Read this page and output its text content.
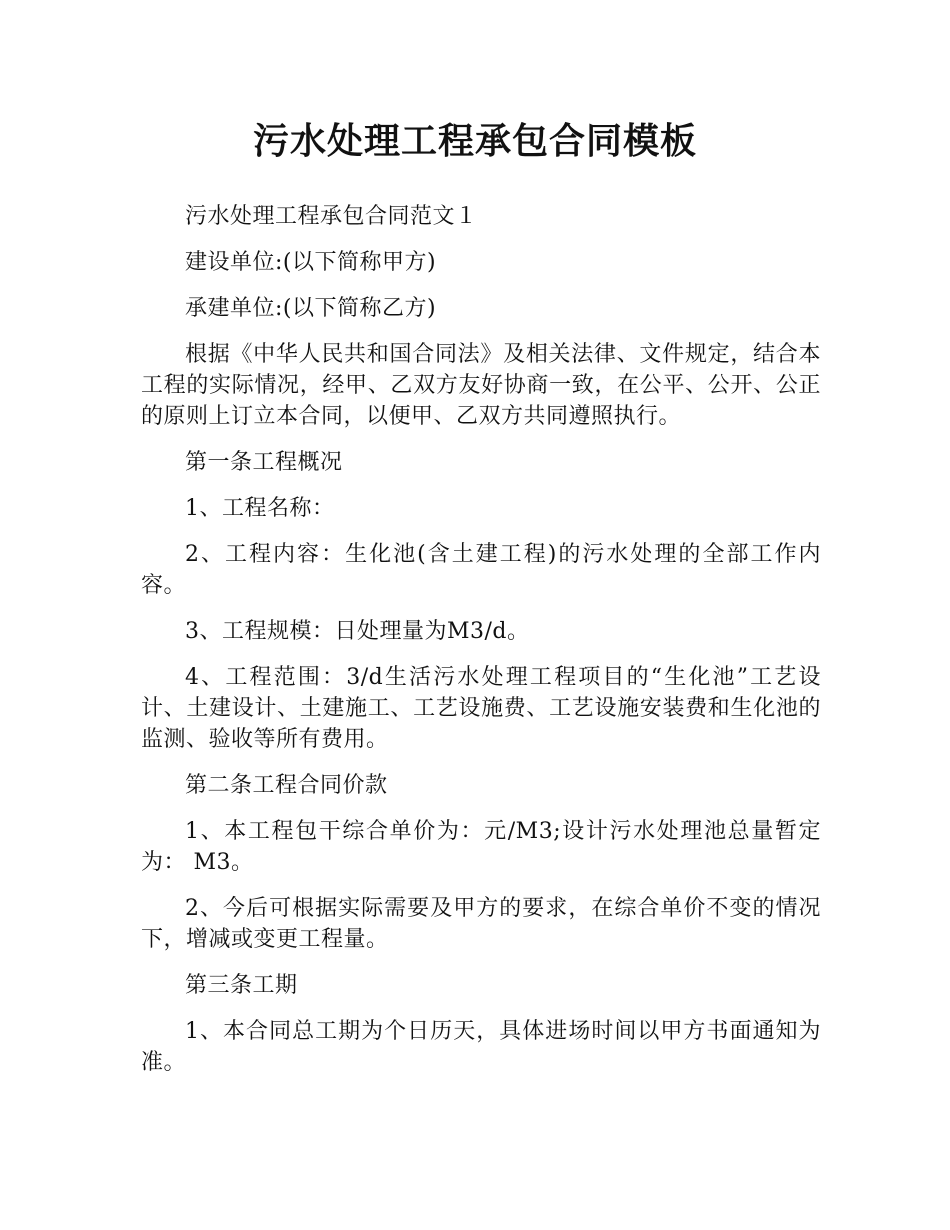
污水处理工程承包合同模板

污水处理工程承包合同范文１

建设单位:(以下简称甲方)

承建单位:(以下简称乙方)

根据《中华人民共和国合同法》及相关法律、文件规定，结合本工程的实际情况，经甲、乙双方友好协商一致，在公平、公开、公正的原则上订立本合同，以便甲、乙双方共同遵照执行。

第一条工程概况

1、工程名称：

2、工程内容：生化池(含土建工程)的污水处理的全部工作内容。

3、工程规模：日处理量为M3/d。

4、工程范围：3/d生活污水处理工程项目的“生化池”工艺设计、土建设计、土建施工、工艺设施费、工艺设施安装费和生化池的监测、验收等所有费用。

第二条工程合同价款

1、本工程包干综合单价为：元/M3;设计污水处理池总量暂定为： M3。

2、今后可根据实际需要及甲方的要求，在综合单价不变的情况下，增减或变更工程量。

第三条工期

1、本合同总工期为个日历天，具体进场时间以甲方书面通知为准。
